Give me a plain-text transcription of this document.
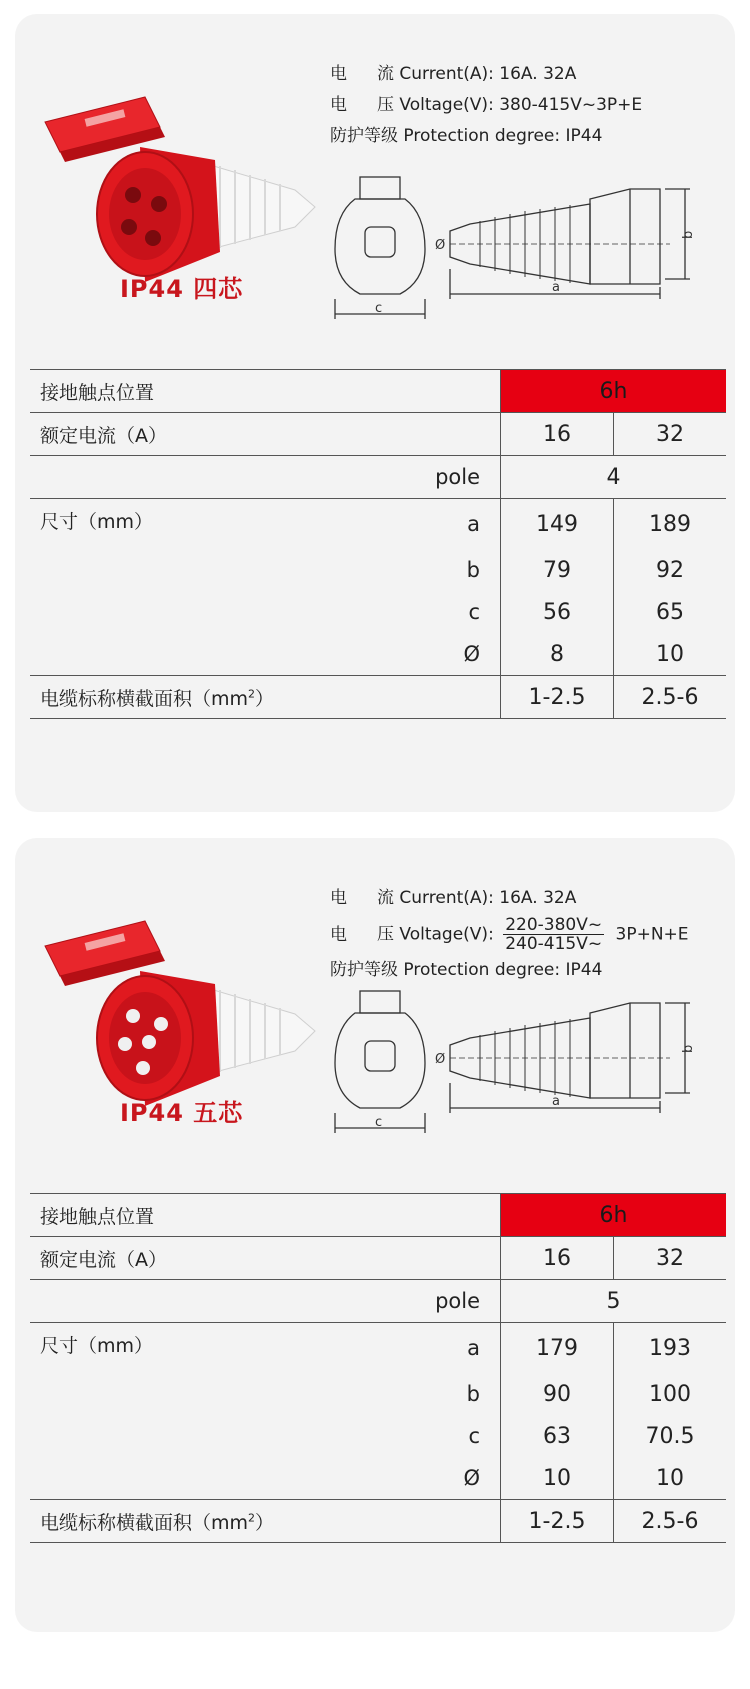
IP44 四芯
电 流 Current(A): 16A. 32A
电 压 Voltage(V): 380-415V~3P+E
防护等级 Protection degree: IP44
c
a
b
Ø
接地触点位置		6h	
额定电流（A）		16	32
pole		4	
尺寸（mm）	a	149	189
	b	79	92
	c	56	65
	Ø	8	10
电缆标称横截面积$(mm^2)$		1-2.5	2.5-6
IP44 五芯
电 流 Current(A): 16A. 32A
电 压 Voltage(V): $\frac{220-380V\sim}{240-415V\sim} 3P+N+E$
防护等级 Protection degree: IP44
c
a
b
Ø
接地触点位置		6h	
额定电流（A）		16	32
pole		5	
尺寸（mm）	a	179	193
	b	90	100
	c	63	70.5
	Ø	10	10
电缆标称横截面积$(mm^2)$		1-2.5	2.5-6
